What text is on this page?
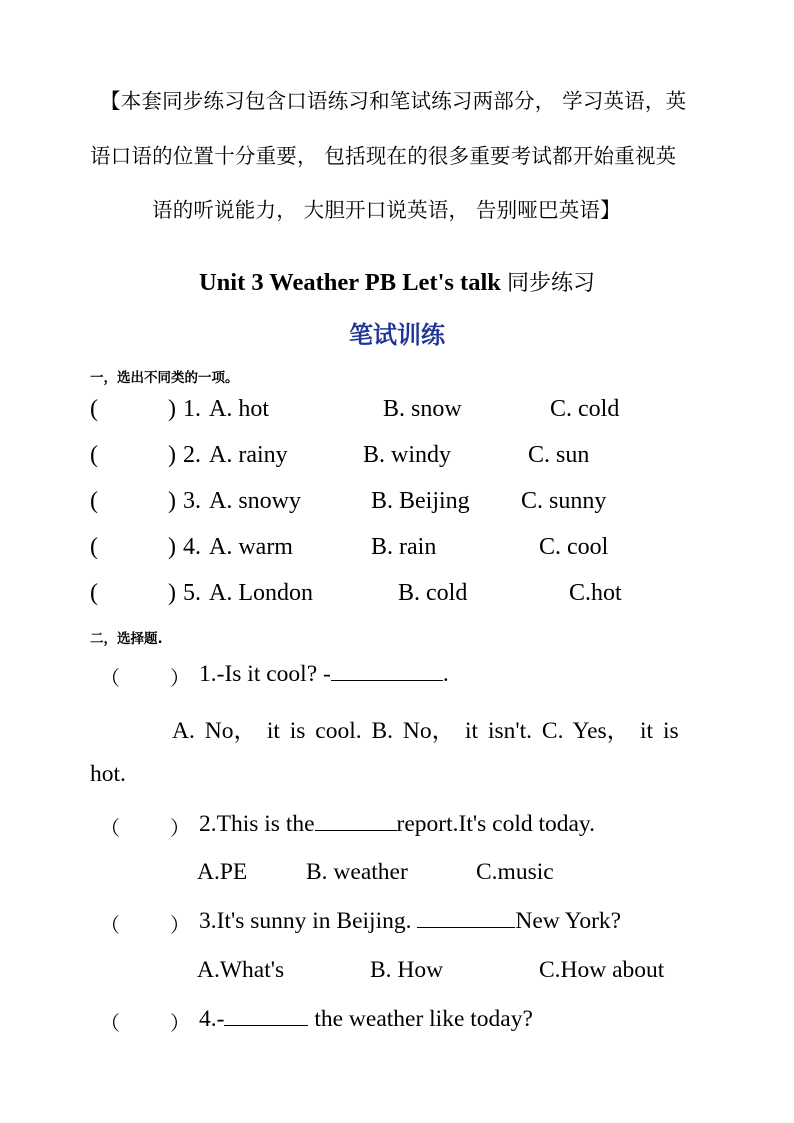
【本套同步练习包含口语练习和笔试练习两部分， 学习英语，英
语口语的位置十分重要， 包括现在的很多重要考试都开始重视英
语的听说能力， 大胆开口说英语， 告别哑巴英语】
Unit 3 Weather PB Let's talk 同步练习
笔试训练
一，选出不同类的一项。
(	) 1. A. hot	B. snow	C. cold
(	) 2. A. rainy	B. windy	C. sun
(	) 3. A. snowy	B. Beijing C. sunny
(	) 4. A. warm	B. rain	C. cool
(	) 5. A. London	B. cold	C.hot
二，选择题.
（	） 1.-Is it cool? -	.
A. No， it is cool. B. No， it isn't. C. Yes， it is
hot.
（	） 2.This is the	report.It's cold today.
A.PE B. weather	C.music
（	） 3.It's sunny in Beijing.	New York?
A.What's	B. How	C.How about
（	） 4.-	the weather like today?
